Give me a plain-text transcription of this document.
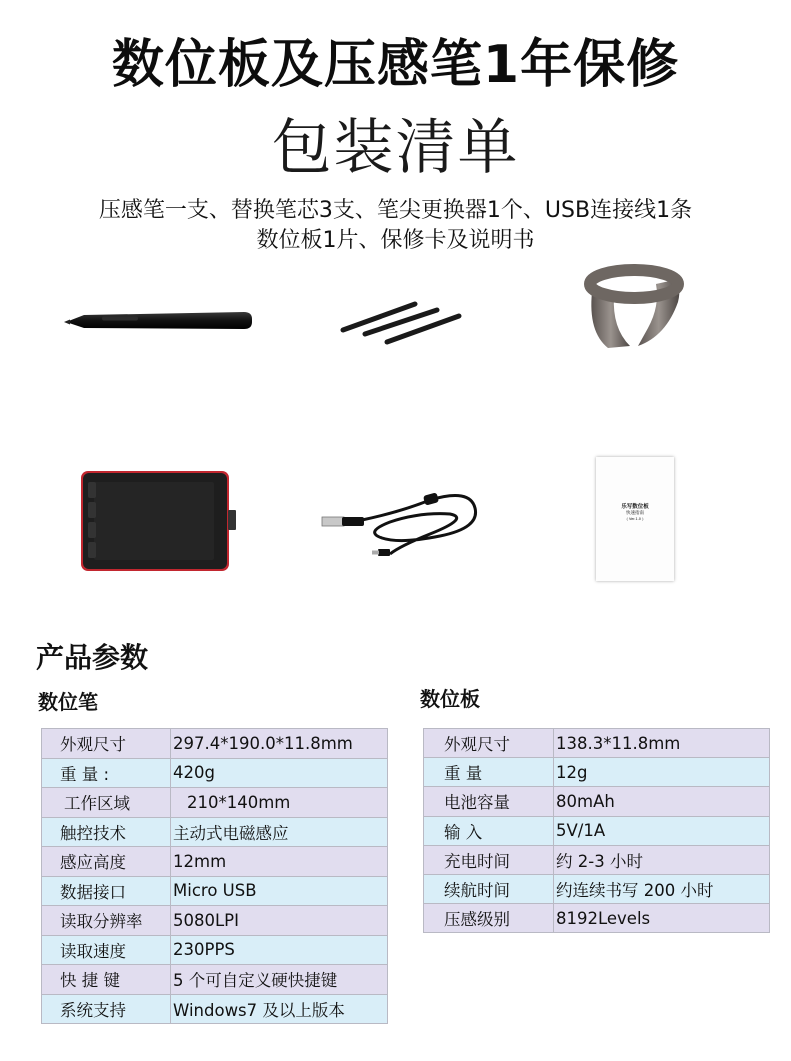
数位板及压感笔1年保修
包装清单
压感笔一支、替换笔芯3支、笔尖更换器1个、USB连接线1条
数位板1片、保修卡及说明书
乐写数位板
快速指南
( Ver.1.0 )
产品参数
数位笔	数位板
外观尺寸	297.4*190.0*11.8mm
重 量 :	420g
工作区域	210*140mm
触控技术	主动式电磁感应
感应高度	12mm
数据接口	Micro USB
读取分辨率	5080LPI
读取速度	230PPS
快 捷 键	5 个可自定义硬快捷键
系统支持	Windows7 及以上版本
外观尺寸	138.3*11.8mm
重 量	12g
电池容量	80mAh
输 入	5V/1A
充电时间	约 2-3 小时
续航时间	约连续书写 200 小时
压感级别	8192Levels
